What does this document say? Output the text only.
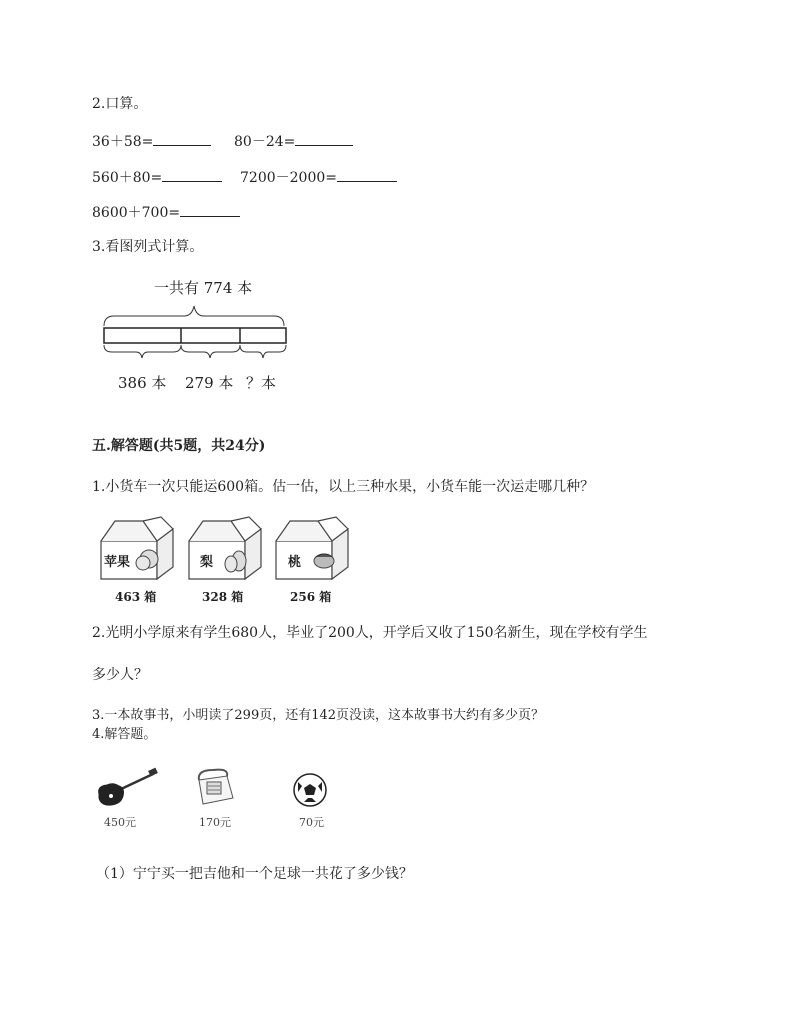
2.口算。
36＋58=	80－24=
560＋80=	7200－2000=
8600＋700=
3.看图列式计算。
一共有 774 本
386 本 279 本 ？本
五.解答题(共5题，共24分)
1.小货车一次只能运600箱。估一估，以上三种水果，小货车能一次运走哪几种？
苹果	梨	桃
463 箱	328 箱	256 箱
2.光明小学原来有学生680人，毕业了200人，开学后又收了150名新生，现在学校有学生
多少人？
3.一本故事书，小明读了299页，还有142页没读，这本故事书大约有多少页？
4.解答题。
450元	170元	70元
（1）宁宁买一把吉他和一个足球一共花了多少钱？
